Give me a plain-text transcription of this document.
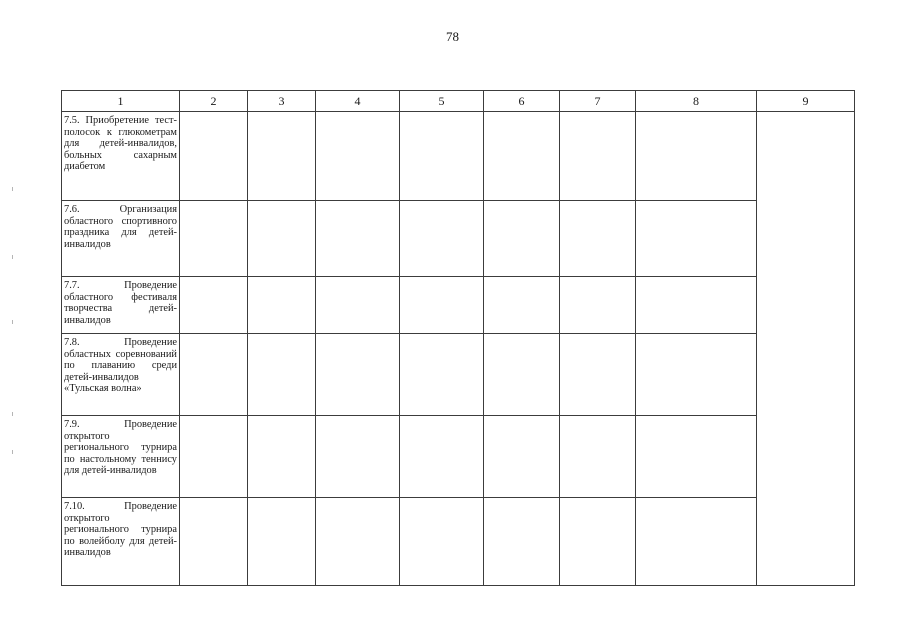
78
1	2	3	4	5	6	7	8	9

7.5. Приобретение тест-полосок к глюкометрам для детей-инвалидов, больных сахарным диабетом								

7.6. Организация областного спортивного праздника для детей-инвалидов								

7.7. Проведение областного фестиваля творчества детей-инвалидов								

7.8. Проведение областных соревнований по плаванию среди детей-инвалидов «Тульская волна»								

7.9. Проведение открытого регионального турнира по настольному теннису для детей-инвалидов								

7.10. Проведение открытого регионального турнира по волейболу для детей-инвалидов								
